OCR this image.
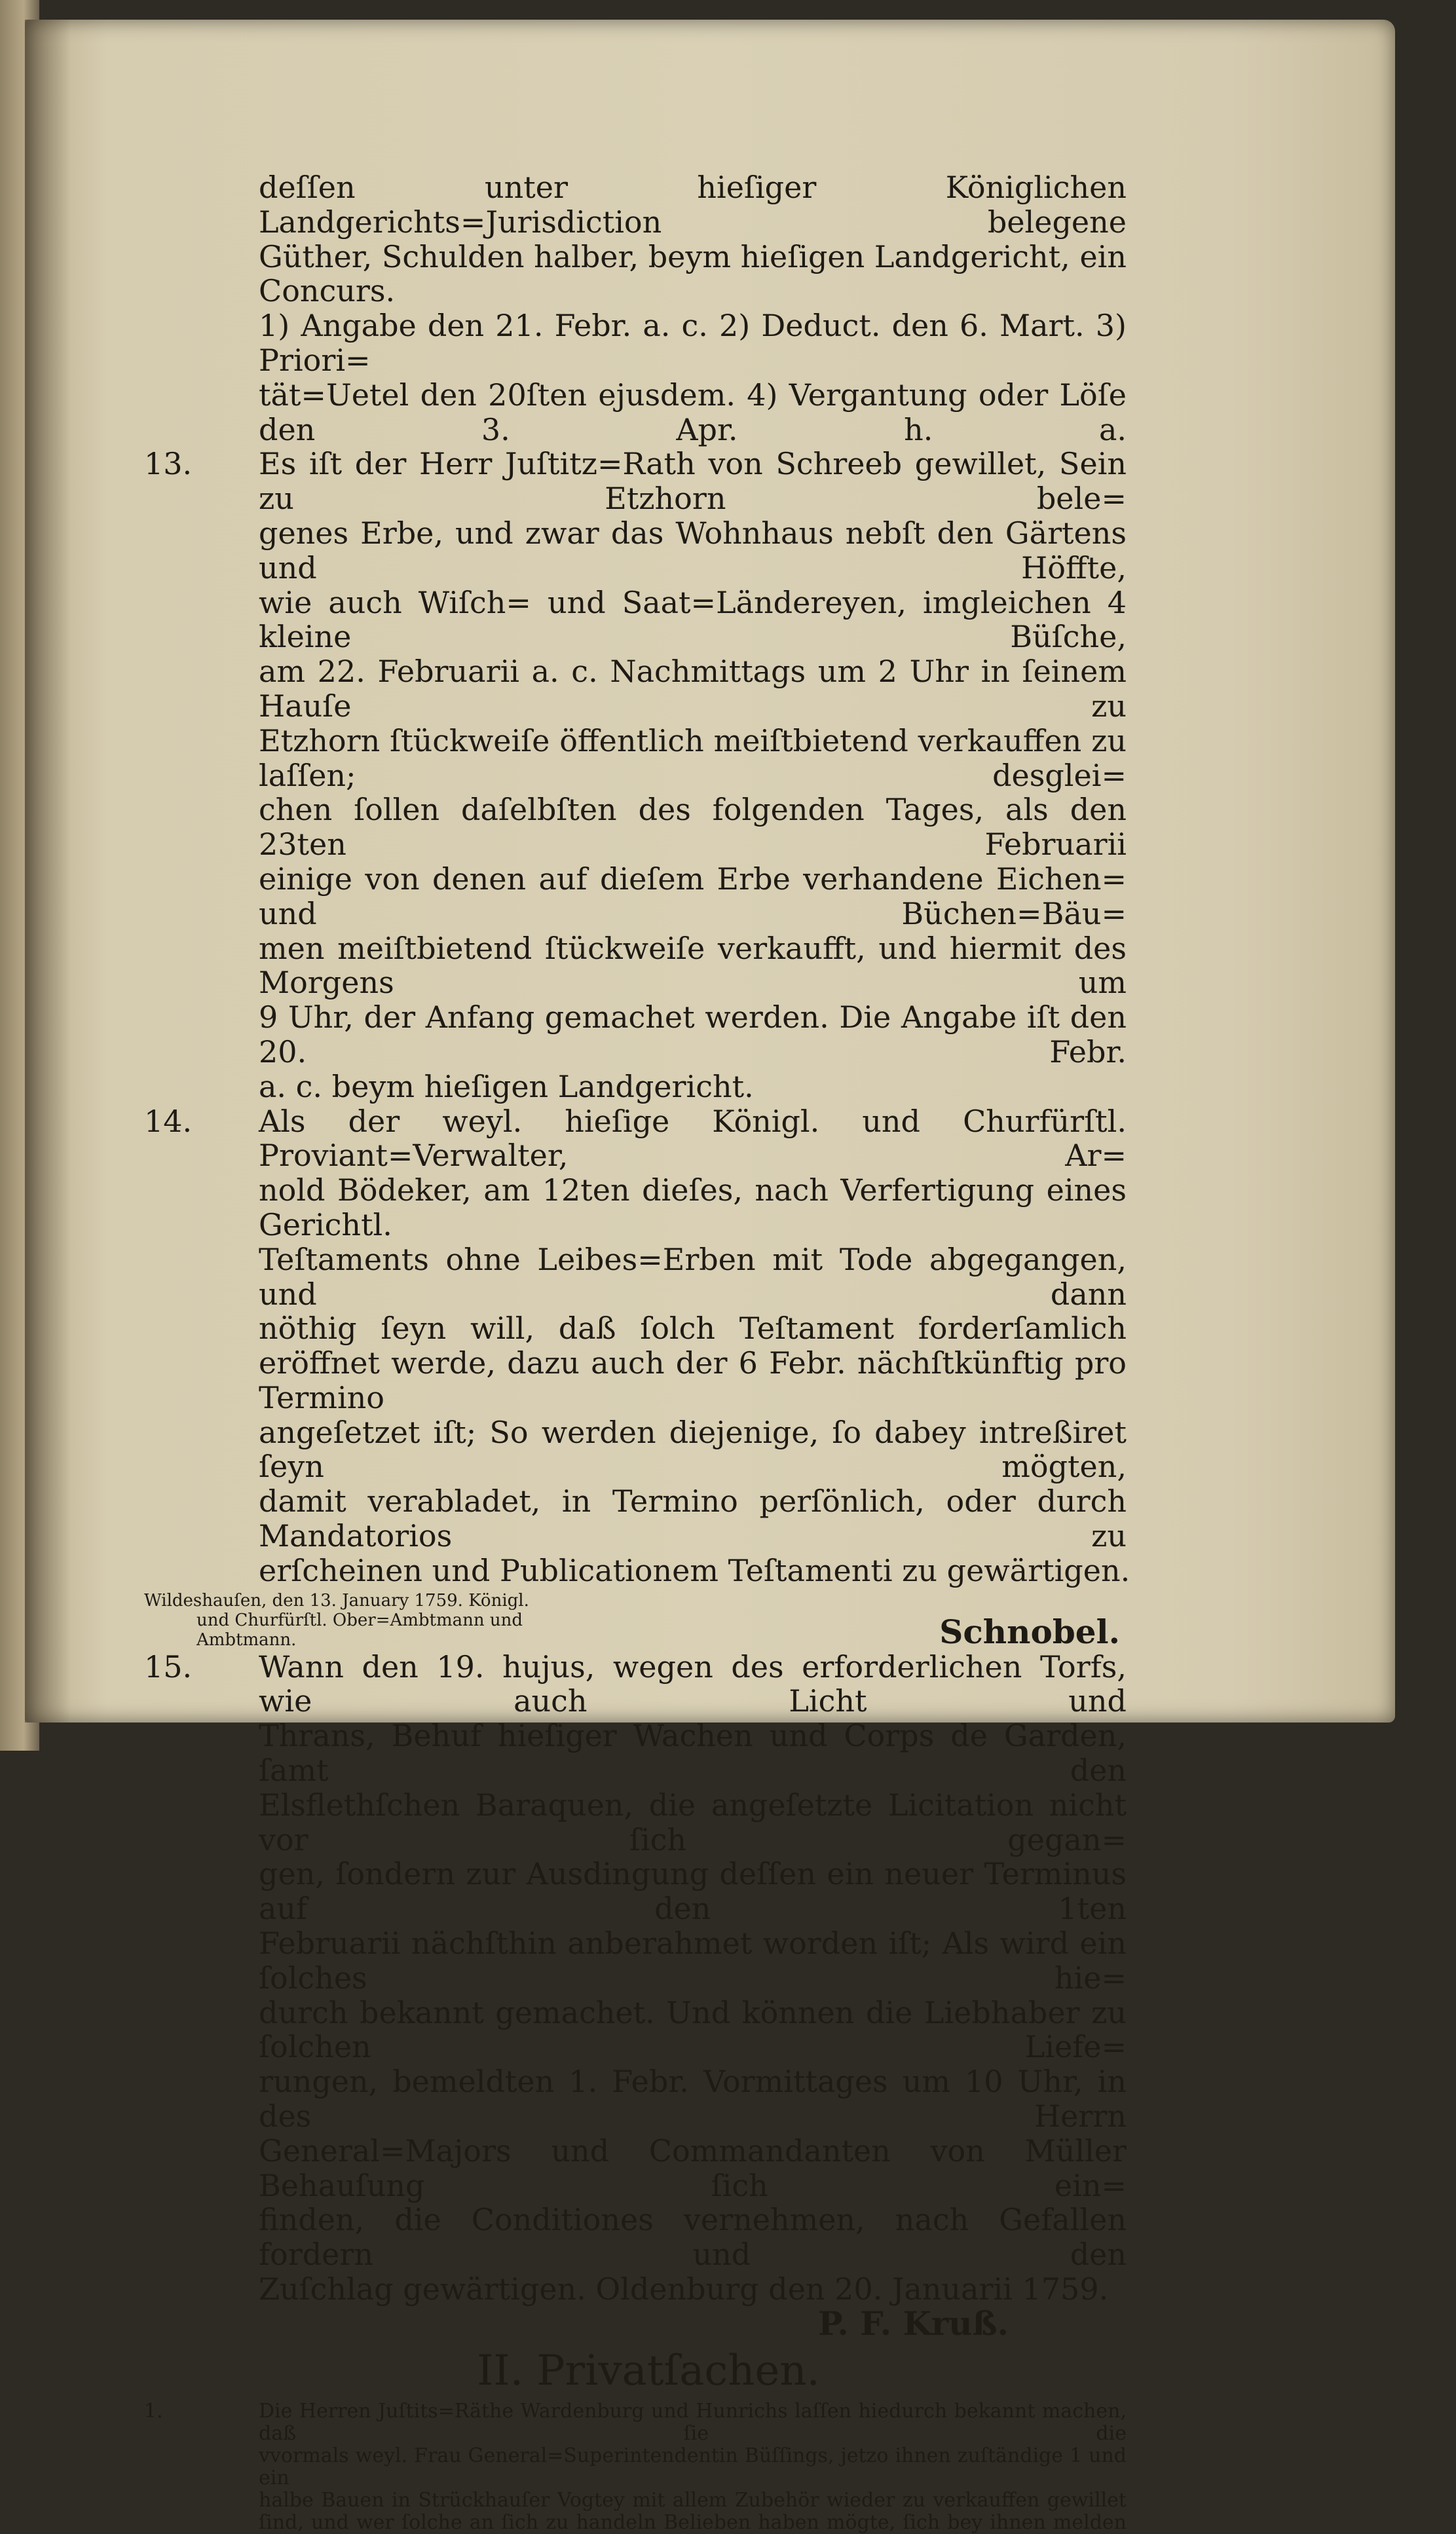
deſſen unter hieſiger Königlichen Landgerichts=Jurisdiction belegene
Güther, Schulden halber, beym hieſigen Landgericht, ein Concurs.
1) Angabe den 21. Febr. a. c. 2) Deduct. den 6. Mart. 3) Priori=
tät=Uetel den 20ſten ejusdem. 4) Vergantung oder Löſe den 3. Apr. h. a.
13.	Es iſt der Herr Juſtitz=Rath von Schreeb gewillet, Sein zu Etzhorn bele=
genes Erbe, und zwar das Wohnhaus nebſt den Gärtens und Höffte,
wie auch Wiſch= und Saat=Ländereyen, imgleichen 4 kleine Büſche,
am 22. Februarii a. c. Nachmittags um 2 Uhr in ſeinem Hauſe zu
Etzhorn ſtückweiſe öffentlich meiſtbietend verkauffen zu laſſen; desglei=
chen ſollen daſelbſten des folgenden Tages, als den 23ten Februarii
einige von denen auf dieſem Erbe verhandene Eichen= und Büchen=Bäu=
men meiſtbietend ſtückweiſe verkaufft, und hiermit des Morgens um
9 Uhr, der Anfang gemachet werden. Die Angabe iſt den 20. Febr.
a. c. beym hieſigen Landgericht.
14.	Als der weyl. hieſige Königl. und Churfürſtl. Proviant=Verwalter, Ar=
nold Bödeker, am 12ten dieſes, nach Verfertigung eines Gerichtl.
Teſtaments ohne Leibes=Erben mit Tode abgegangen, und dann
nöthig ſeyn will, daß ſolch Teſtament forderſamlich
eröffnet werde, dazu auch der 6 Febr. nächſtkünftig pro Termino
angeſetzet iſt; So werden diejenige, ſo dabey intreßiret ſeyn mögten,
damit verabladet, in Termino perſönlich, oder durch Mandatorios zu
erſcheinen und Publicationem Teſtamenti zu gewärtigen.
Wildeshauſen, den 13. January 1759. Königl.
und Churfürſtl. Ober=Ambtmann und
Ambtmann.	Schnobel.
15.	Wann den 19. hujus, wegen des erforderlichen Torfs, wie auch Licht und
Thrans, Behuf hieſiger Wachen und Corps de Garden, ſamt den
Elsflethſchen Baraquen, die angeſetzte Licitation nicht vor ſich gegan=
gen, ſondern zur Ausdingung deſſen ein neuer Terminus auf den 1ten
Februarii nächſthin anberahmet worden iſt; Als wird ein ſolches hie=
durch bekannt gemachet. Und können die Liebhaber zu ſolchen Liefe=
rungen, bemeldten 1. Febr. Vormittages um 10 Uhr, in des Herrn
General=Majors und Commandanten von Müller Behauſung ſich ein=
finden, die Conditiones vernehmen, nach Gefallen fordern und den
Zuſchlag gewärtigen. Oldenburg den 20. Januarii 1759.
P. F. Kruß.
II. Privatſachen.
1.	Die Herren Juſtits=Räthe Wardenburg und Hunrichs laſſen hiedurch bekannt machen, daß ſie die
vvormals weyl. Frau General=Superintendentin Büſſings, jetzo ihnen zuſtändige 1 und ein
halbe Bauen in Strückhauſer Vogtey mit allem Zubehör wieder zu verkauffen gewillet
ſind, und wer ſolche an ſich zu handeln Belieben haben mögte, ſich bey ihnen melden
